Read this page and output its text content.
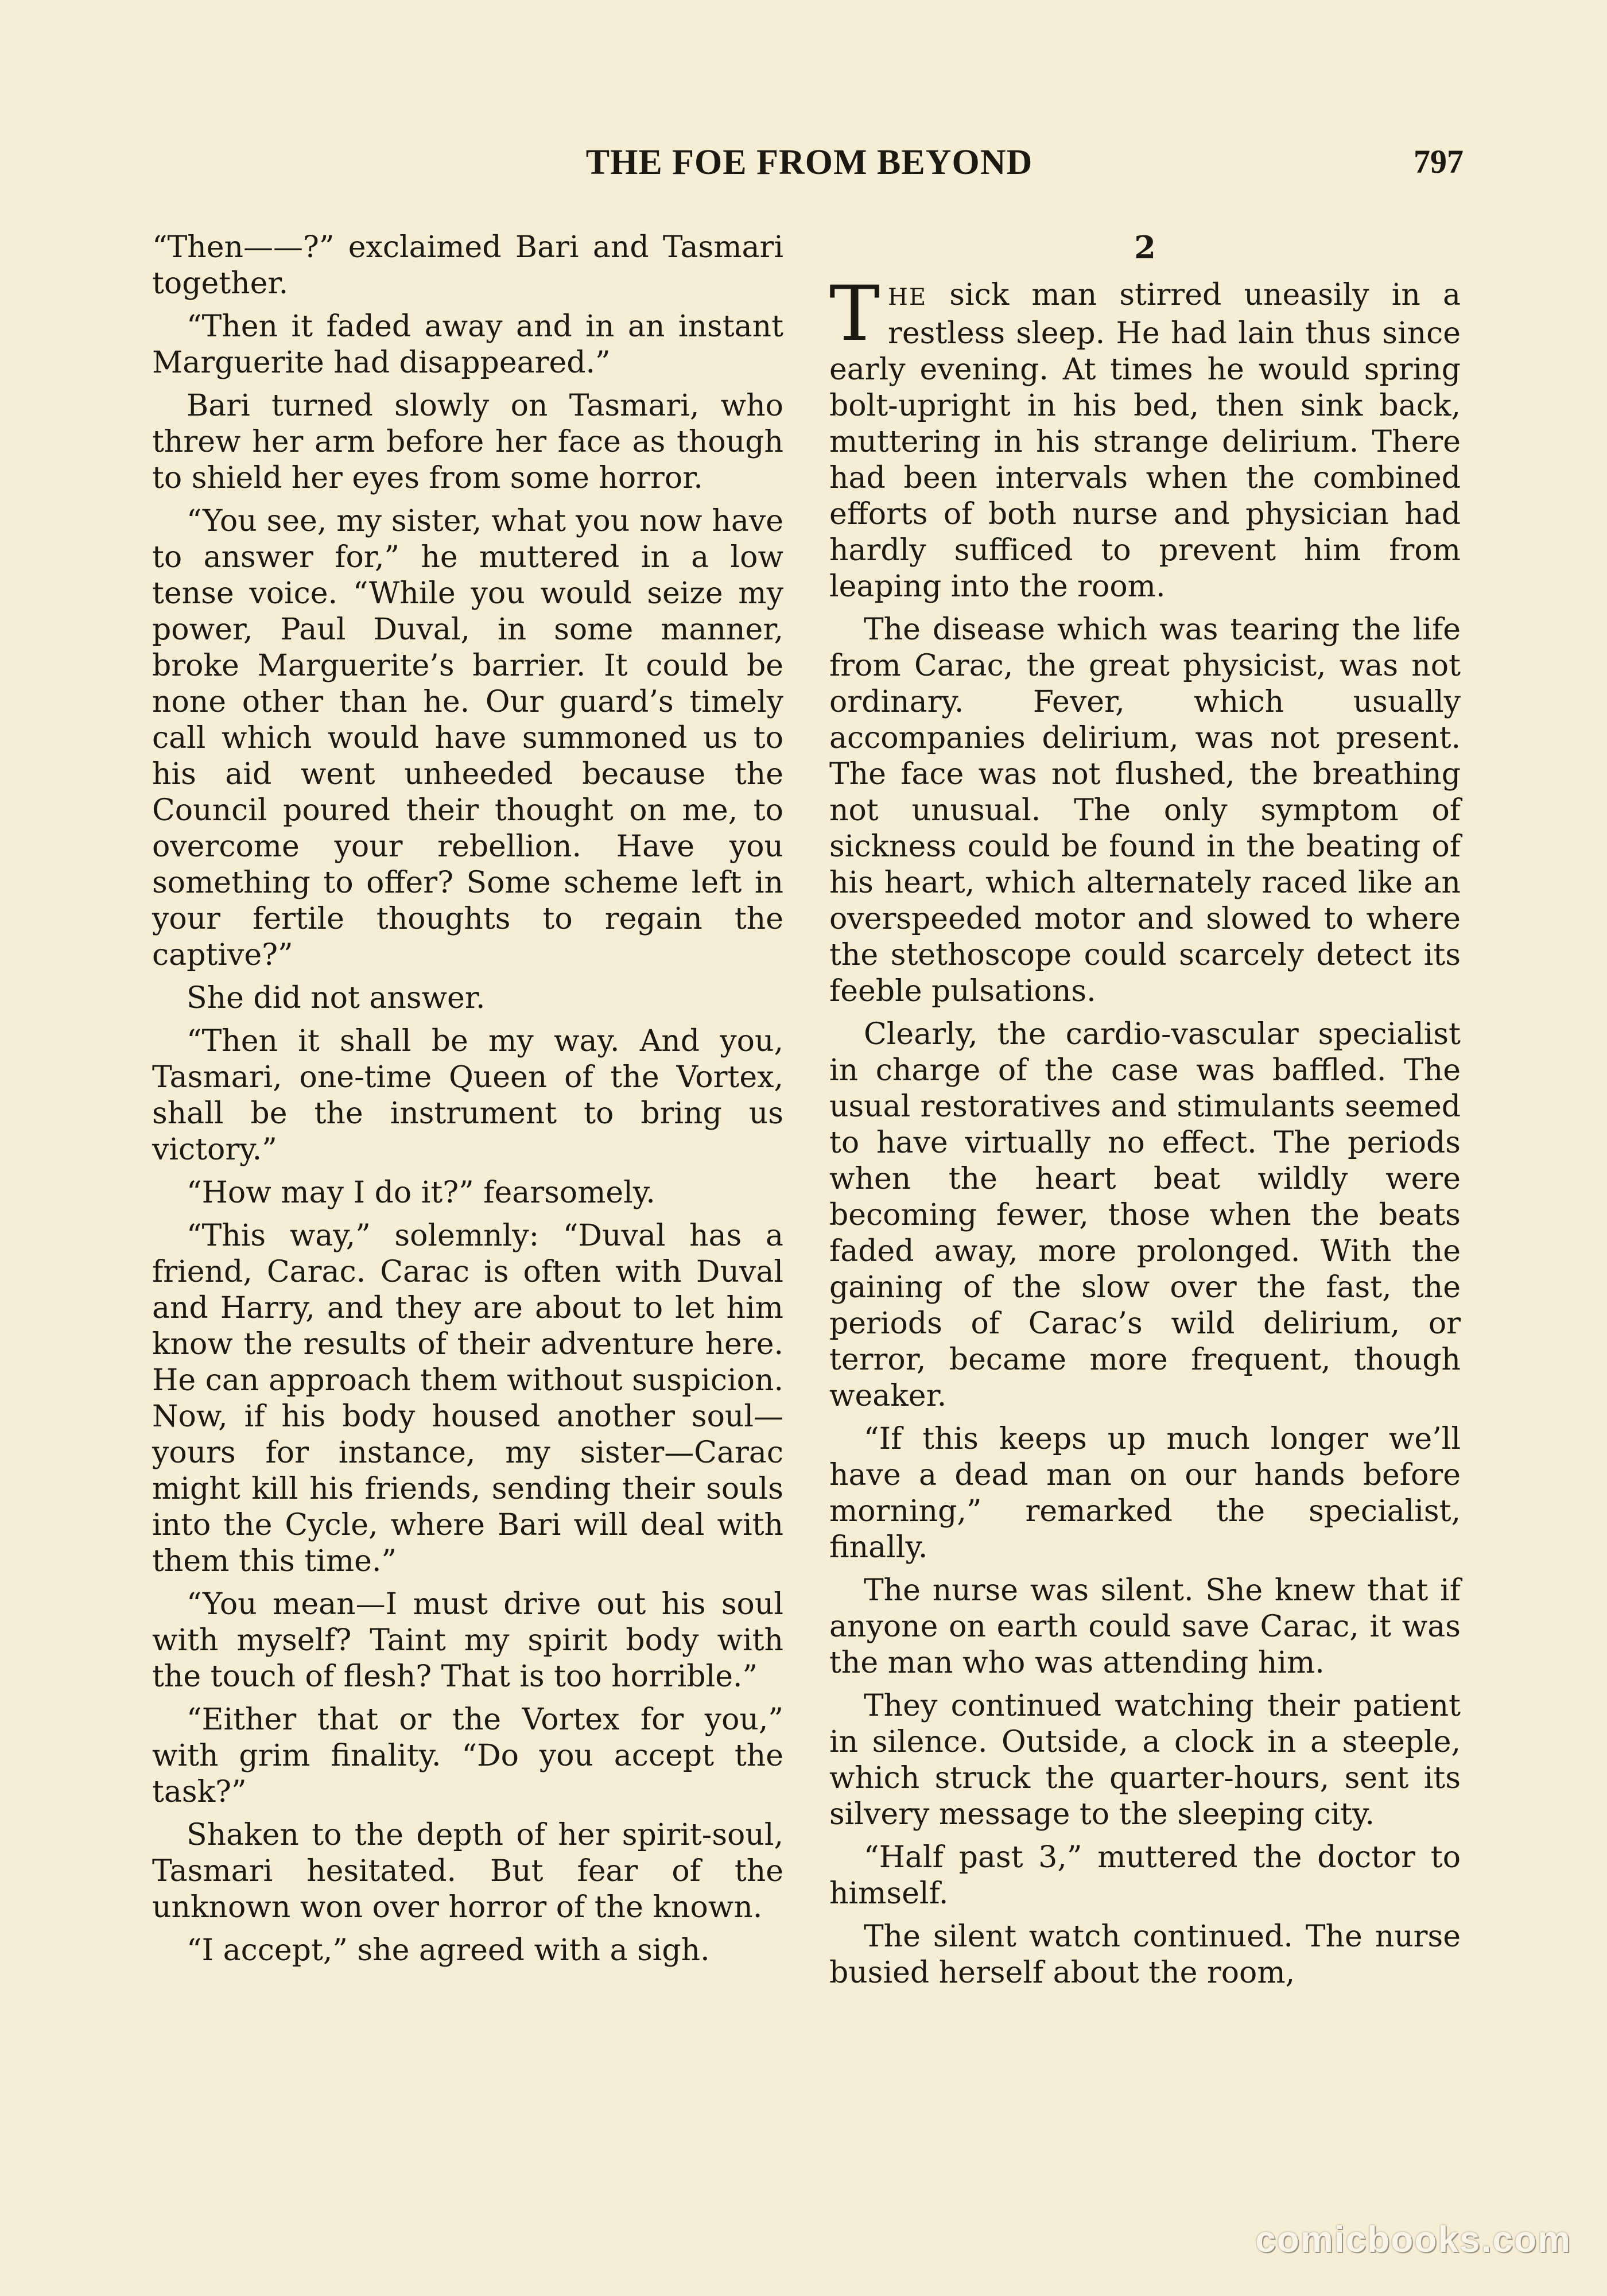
THE FOE FROM BEYOND	797

“Then——?” exclaimed Bari and Tasmari together.

“Then it faded away and in an instant Marguerite had disappeared.”

Bari turned slowly on Tasmari, who threw her arm before her face as though to shield her eyes from some horror.

“You see, my sister, what you now have to answer for,” he muttered in a low tense voice. “While you would seize my power, Paul Duval, in some manner, broke Marguerite’s barrier. It could be none other than he. Our guard’s timely call which would have summoned us to his aid went unheeded because the Council poured their thought on me, to overcome your rebellion. Have you something to offer? Some scheme left in your fertile thoughts to regain the captive?”

She did not answer.

“Then it shall be my way. And you, Tasmari, one-time Queen of the Vortex, shall be the instrument to bring us victory.”

“How may I do it?” fearsomely.

“This way,” solemnly: “Duval has a friend, Carac. Carac is often with Duval and Harry, and they are about to let him know the results of their adventure here. He can approach them without suspicion. Now, if his body housed another soul—yours for instance, my sister—Carac might kill his friends, sending their souls into the Cycle, where Bari will deal with them this time.”

“You mean—I must drive out his soul with myself? Taint my spirit body with the touch of flesh? That is too horrible.”

“Either that or the Vortex for you,” with grim finality. “Do you accept the task?”

Shaken to the depth of her spirit-soul, Tasmari hesitated. But fear of the unknown won over horror of the known.

“I accept,” she agreed with a sigh.

2

THE sick man stirred uneasily in a restless sleep. He had lain thus since early evening. At times he would spring bolt-upright in his bed, then sink back, muttering in his strange delirium. There had been intervals when the combined efforts of both nurse and physician had hardly sufficed to prevent him from leaping into the room.

The disease which was tearing the life from Carac, the great physicist, was not ordinary. Fever, which usually accompanies delirium, was not present. The face was not flushed, the breathing not unusual. The only symptom of sickness could be found in the beating of his heart, which alternately raced like an overspeeded motor and slowed to where the stethoscope could scarcely detect its feeble pulsations.

Clearly, the cardio-vascular specialist in charge of the case was baffled. The usual restoratives and stimulants seemed to have virtually no effect. The periods when the heart beat wildly were becoming fewer, those when the beats faded away, more prolonged. With the gaining of the slow over the fast, the periods of Carac’s wild delirium, or terror, became more frequent, though weaker.

“If this keeps up much longer we’ll have a dead man on our hands before morning,” remarked the specialist, finally.

The nurse was silent. She knew that if anyone on earth could save Carac, it was the man who was attending him.

They continued watching their patient in silence. Outside, a clock in a steeple, which struck the quarter-hours, sent its silvery message to the sleeping city.

“Half past 3,” muttered the doctor to himself.

The silent watch continued. The nurse busied herself about the room,

comicbooks.com
